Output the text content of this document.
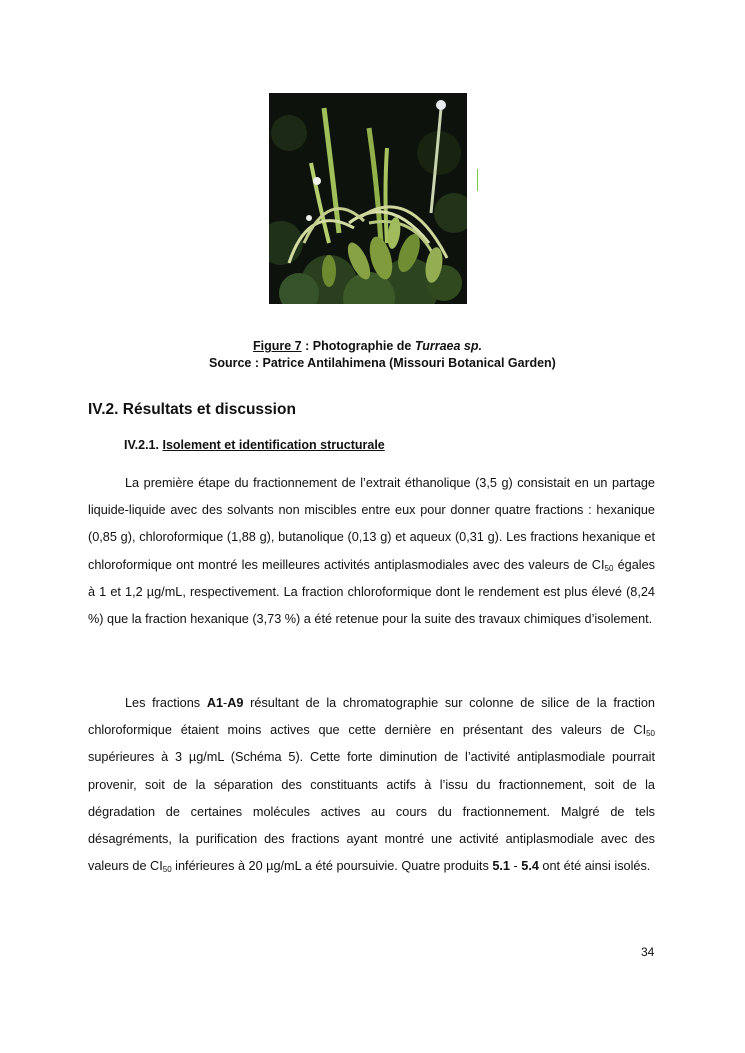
Figure 7 : Photographie de Turraea sp.
Source : Patrice Antilahimena (Missouri Botanical Garden)
IV.2. Résultats et discussion
IV.2.1. Isolement et identification structurale

La première étape du fractionnement de l’extrait éthanolique (3,5 g) consistait en un partage liquide-liquide avec des solvants non miscibles entre eux pour donner quatre fractions : hexanique (0,85 g), chloroformique (1,88 g), butanolique (0,13 g) et aqueux (0,31 g). Les fractions hexanique et chloroformique ont montré les meilleures activités antiplasmodiales avec des valeurs de $CI_{50}$ égales à 1 et 1,2 µg/mL, respectivement. La fraction chloroformique dont le rendement est plus élevé (8,24 %) que la fraction hexanique (3,73 %) a été retenue pour la suite des travaux chimiques d’isolement.

Les fractions A1-A9 résultant de la chromatographie sur colonne de silice de la fraction chloroformique étaient moins actives que cette dernière en présentant des valeurs de $CI_{50}$ supérieures à 3 µg/mL (Schéma 5). Cette forte diminution de l’activité antiplasmodiale pourrait provenir, soit de la séparation des constituants actifs à l’issu du fractionnement, soit de la dégradation de certaines molécules actives au cours du fractionnement. Malgré de tels désagréments, la purification des fractions ayant montré une activité antiplasmodiale avec des valeurs de $CI_{50}$ inférieures à 20 µg/mL a été poursuivie. Quatre produits 5.1 - 5.4 ont été ainsi isolés.

34
